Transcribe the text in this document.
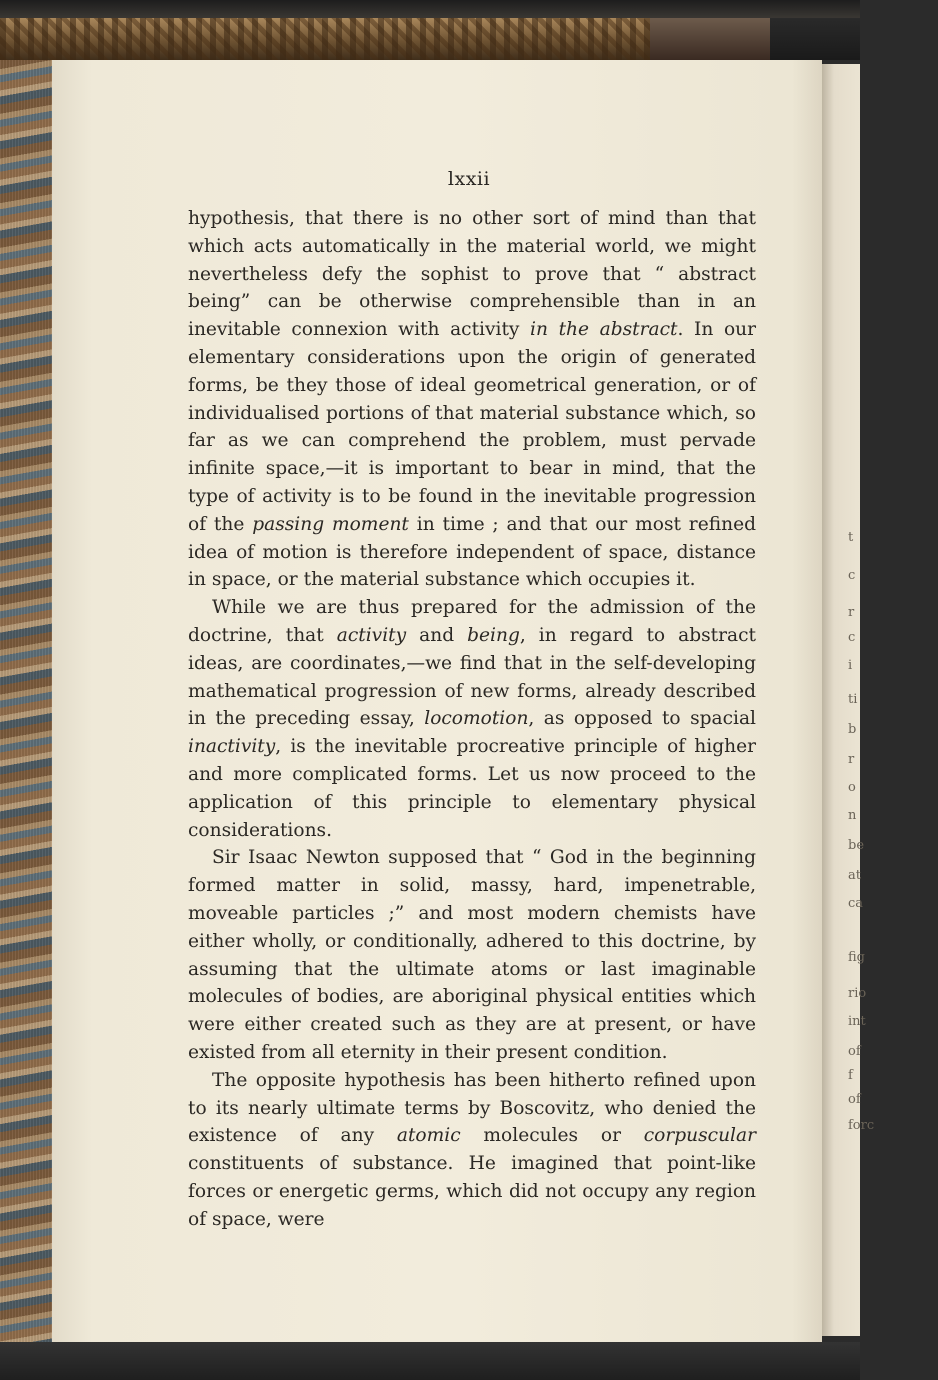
t
c
r
c
i
ti
b
r
o
n
be
at
ca
fig
rio
int
of
f
of
forc
lxxii

hypothesis, that there is no other sort of mind than that which acts automatically in the material world, we might nevertheless defy the sophist to prove that “ abstract being” can be otherwise comprehensible than in an inevitable connexion with activity in the abstract. In our elementary considerations upon the origin of generated forms, be they those of ideal geometrical generation, or of individualised portions of that material substance which, so far as we can comprehend the problem, must pervade infinite space,—it is important to bear in mind, that the type of activity is to be found in the inevitable progression of the passing moment in time ; and that our most refined idea of motion is therefore independent of space, distance in space, or the material substance which occupies it.

While we are thus prepared for the admission of the doctrine, that activity and being, in regard to abstract ideas, are coordinates,—we find that in the self-developing mathematical progression of new forms, already described in the preceding essay, locomotion, as opposed to spacial inactivity, is the inevitable procreative principle of higher and more complicated forms. Let us now proceed to the application of this principle to elementary physical considerations.

Sir Isaac Newton supposed that “ God in the beginning formed matter in solid, massy, hard, impenetrable, moveable particles ;” and most modern chemists have either wholly, or conditionally, adhered to this doctrine, by assuming that the ultimate atoms or last imaginable molecules of bodies, are aboriginal physical entities which were either created such as they are at present, or have existed from all eternity in their present condition.

The opposite hypothesis has been hitherto refined upon to its nearly ultimate terms by Boscovitz, who denied the existence of any atomic molecules or corpuscular constituents of substance. He imagined that point-like forces or energetic germs, which did not occupy any region of space, were
